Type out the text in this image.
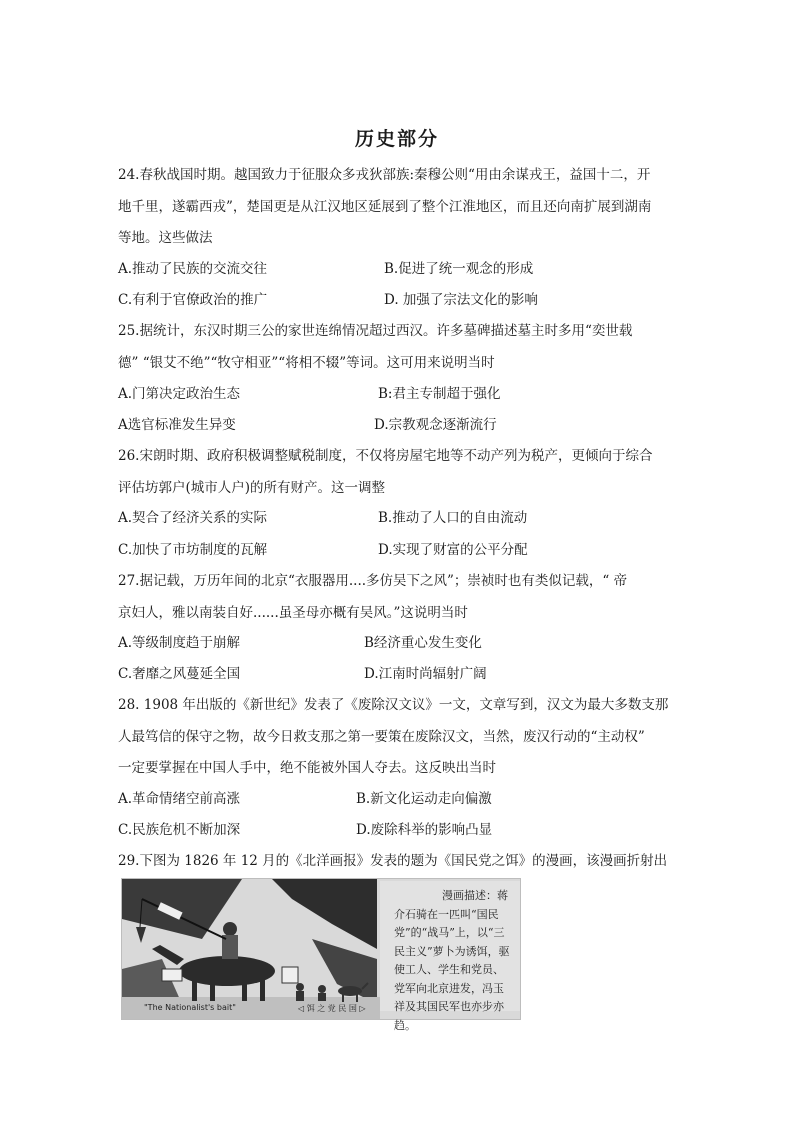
历史部分
24.春秋战国时期。越国致力于征服众多戎狄部族:秦穆公则“用由余谋戎王，益国十二，开
地千里，遂霸西戎”，楚国更是从江汉地区延展到了整个江淮地区，而且还向南扩展到湖南
等地。这些做法
A.推动了民族的交流交往	B.促进了统一观念的形成
C.有利于官僚政治的推广	D. 加强了宗法文化的影响
25.据统计，东汉时期三公的家世连绵情况超过西汉。许多墓碑描述墓主时多用“奕世载
德” “银艾不绝”“牧守相亚”“将相不辍”等词。这可用来说明当时
A.门第决定政治生态	B:君主专制超于强化
A选官标准发生异变	D.宗教观念逐渐流行
26.宋朗时期、政府积极调整赋税制度，不仅将房屋宅地等不动产列为税产，更倾向于综合
评估坊郭户(城市人户)的所有财产。这一调整
A.契合了经济关系的实际	B.推动了人口的自由流动
C.加快了市坊制度的瓦解	D.实现了财富的公平分配
27.据记载，万历年间的北京“衣服器用....多仿吴下之风”；崇祯时也有类似记载，“ 帝
京妇人，雅以南装自好......虽圣母亦概有吴风。”这说明当时
A.等级制度趋于崩解	B经济重心发生变化
C.奢靡之风蔓延全国	D.江南时尚辐射广阔
28. 1908 年出版的《新世纪》发表了《废除汉文议》一文，文章写到，汉文为最大多数支那
人最笃信的保守之物，故今日救支那之第一要策在废除汉文，当然，废汉行动的“主动权”
一定要掌握在中国人手中，绝不能被外国人夺去。这反映出当时
A.革命情绪空前高涨	B.新文化运动走向偏激
C.民族危机不断加深	D.废除科举的影响凸显
29.下图为 1826 年 12 月的《北洋画报》发表的题为《国民党之饵》的漫画，该漫画折射出
漫画描述：蒋介石骑在一匹叫“国民党”的“战马”上，以“三民主义”萝卜为诱饵，驱使工人、学生和党员、党军向北京进发，冯玉祥及其国民军也亦步亦趋。
"The Nationalist's bait"	◁ 饵 之 党 民 国 ▷
